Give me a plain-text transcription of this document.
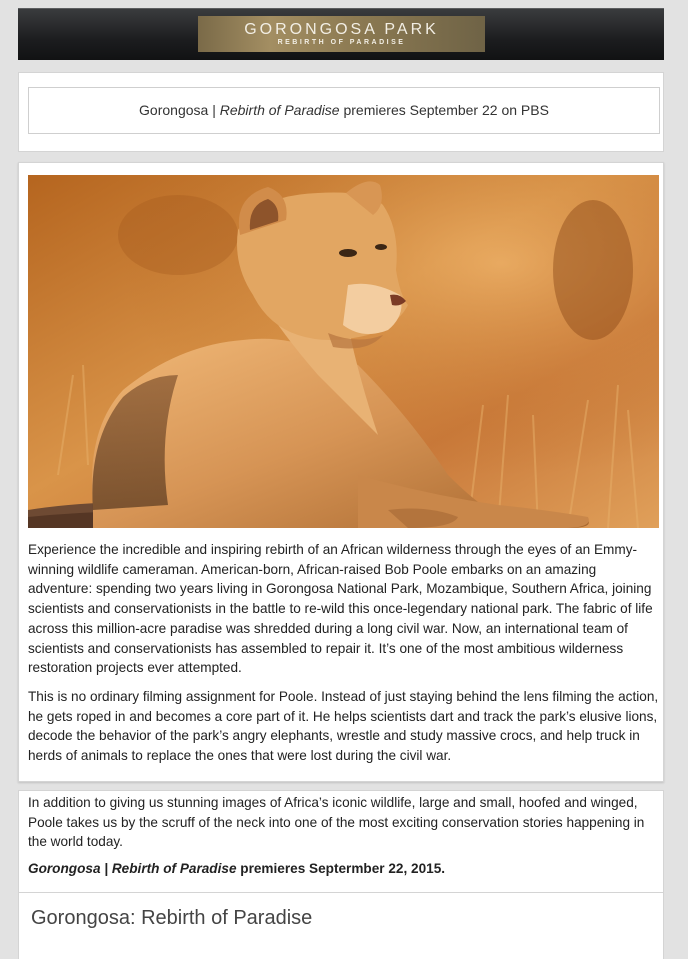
GORONGOSA PARK
REBIRTH OF PARADISE
Gorongosa | Rebirth of Paradise premieres September 22 on PBS

Experience the incredible and inspiring rebirth of an African wilderness through the eyes of an Emmy-winning wildlife cameraman. American-born, African-raised Bob Poole embarks on an amazing adventure: spending two years living in Gorongosa National Park, Mozambique, Southern Africa, joining scientists and conservationists in the battle to re-wild this once-legendary national park. The fabric of life across this million-acre paradise was shredded during a long civil war. Now, an international team of scientists and conservationists has assembled to repair it. It’s one of the most ambitious wilderness restoration projects ever attempted.

This is no ordinary filming assignment for Poole. Instead of just staying behind the lens filming the action, he gets roped in and becomes a core part of it. He helps scientists dart and track the park’s elusive lions, decode the behavior of the park’s angry elephants, wrestle and study massive crocs, and help truck in herds of animals to replace the ones that were lost during the civil war.

In addition to giving us stunning images of Africa’s iconic wildlife, large and small, hoofed and winged, Poole takes us by the scruff of the neck into one of the most exciting conservation stories happening in the world today.

Gorongosa | Rebirth of Paradise premieres Septermber 22, 2015.

Gorongosa: Rebirth of Paradise
